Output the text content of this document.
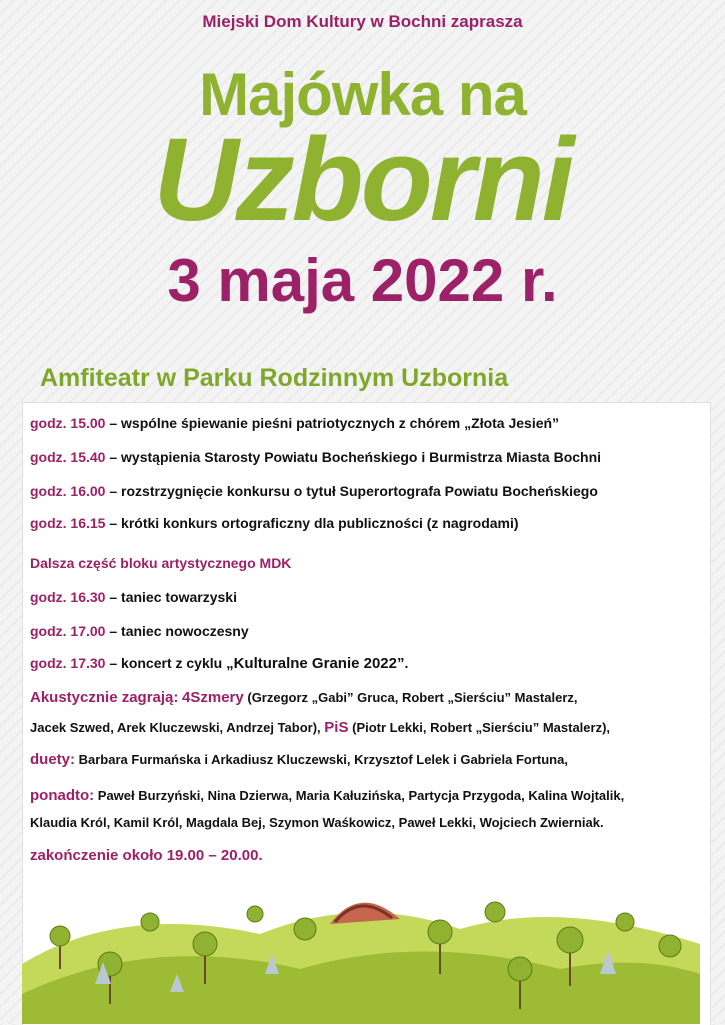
Miejski Dom Kultury w Bochni zaprasza
Majówka na
Uzborni
3 maja 2022 r.
Amfiteatr w Parku Rodzinnym Uzbornia
godz. 15.00 – wspólne śpiewanie pieśni patriotycznych z chórem „Złota Jesień”
godz. 15.40 – wystąpienia Starosty Powiatu Bocheńskiego i Burmistrza Miasta Bochni
godz. 16.00 – rozstrzygnięcie konkursu o tytuł Superortografa Powiatu Bocheńskiego
godz. 16.15 – krótki konkurs ortograficzny dla publiczności (z nagrodami)
Dalsza część bloku artystycznego MDK
godz. 16.30 – taniec towarzyski
godz. 17.00 – taniec nowoczesny
godz. 17.30 – koncert z cyklu „Kulturalne Granie 2022”.
Akustycznie zagrają: 4Szmery (Grzegorz „Gabi” Gruca, Robert „Sierściu” Mastalerz,
Jacek Szwed, Arek Kluczewski, Andrzej Tabor), PiS (Piotr Lekki, Robert „Sierściu” Mastalerz),
duety: Barbara Furmańska i Arkadiusz Kluczewski, Krzysztof Lelek i Gabriela Fortuna,
ponadto: Paweł Burzyński, Nina Dzierwa, Maria Kałuzińska, Partycja Przygoda, Kalina Wojtalik,
Klaudia Król, Kamil Król, Magdala Bej, Szymon Waśkowicz, Paweł Lekki, Wojciech Zwierniak.
zakończenie około 19.00 – 20.00.
